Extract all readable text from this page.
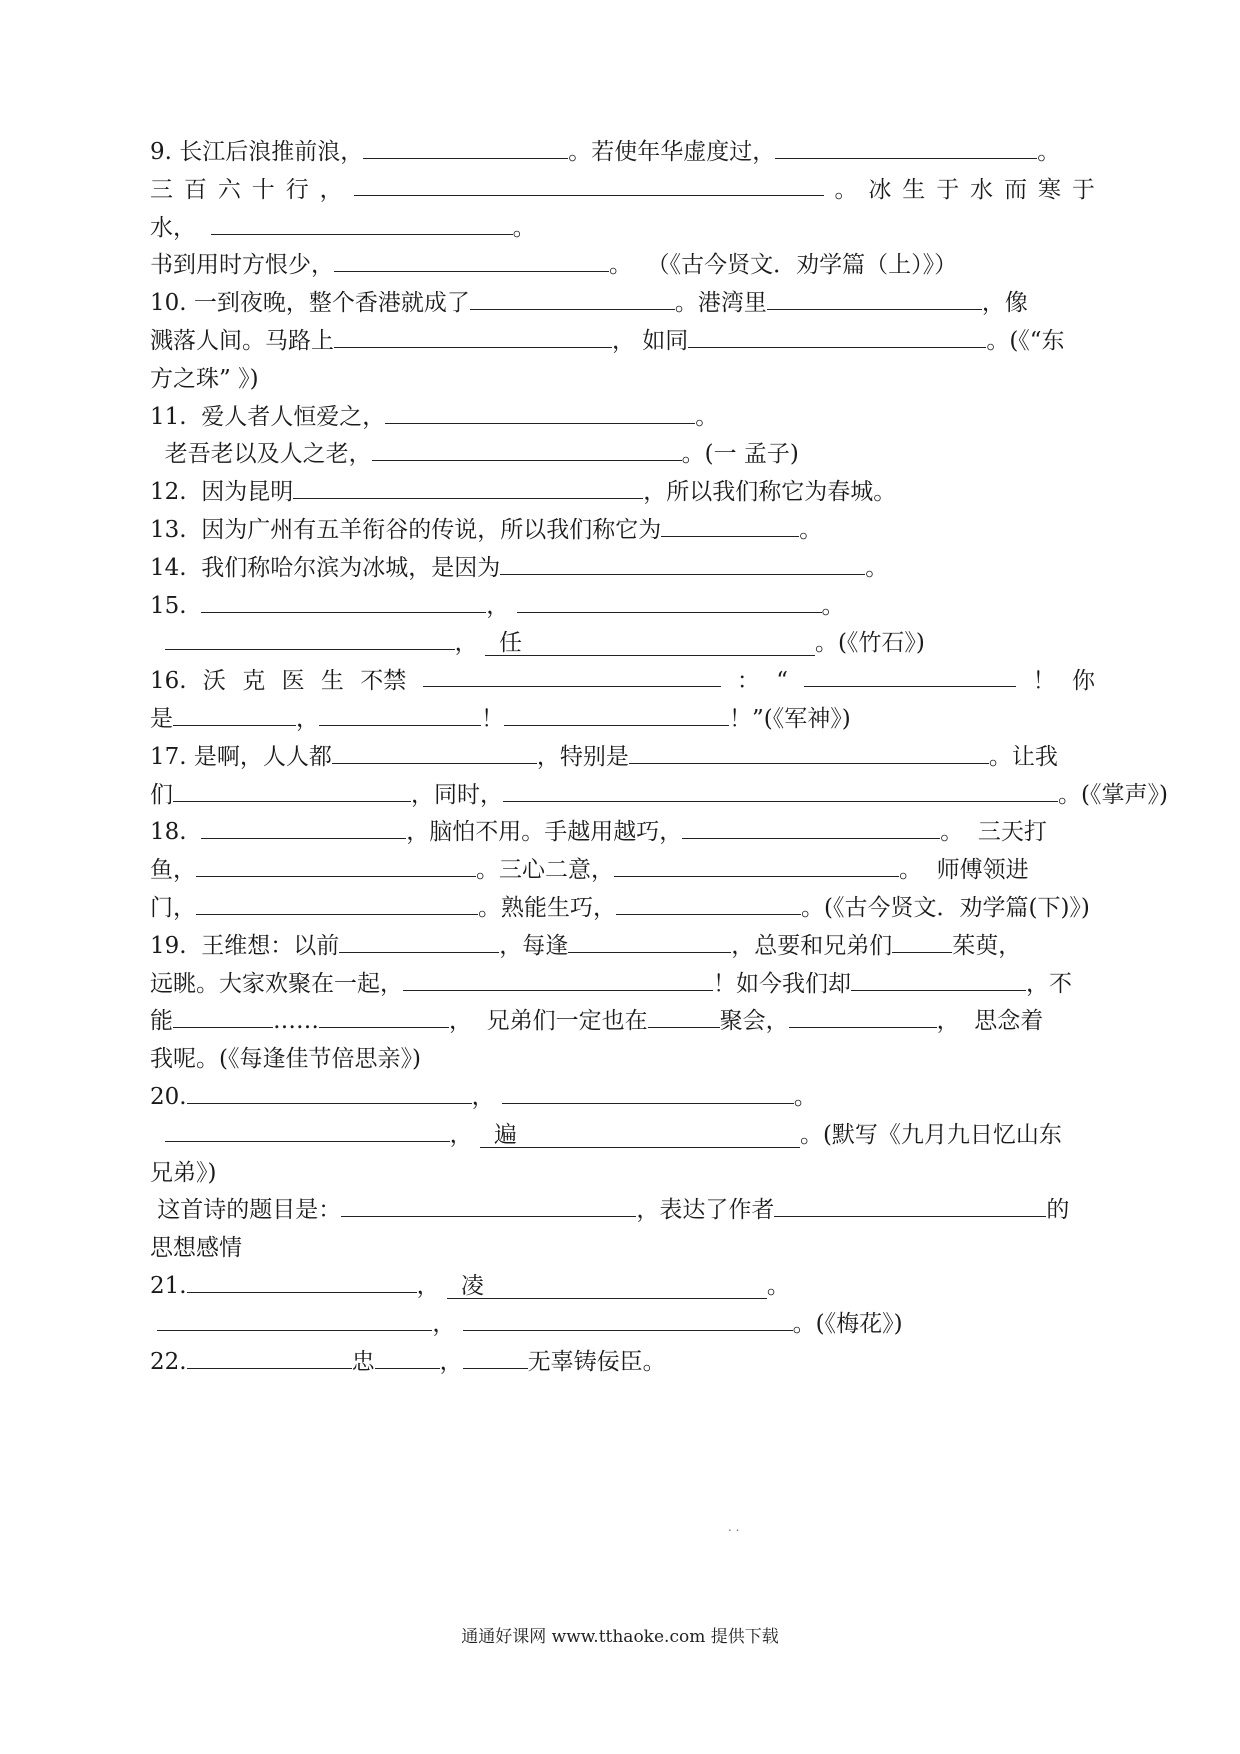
9. 长江后浪推前浪，	。若使年华虚度过，	。
三 百 六 十 行 ，	。 冰 生 于 水 而 寒 于
水，	。
书到用时方恨少，	。  （《古今贤文．劝学篇（上）》）
10. 一到夜晚，整个香港就成了	。港湾里	，像
溅落人间。马路上	， 如同	。(《“东
方之珠” 》)
11.  爱人者人恒爱之，	。
老吾老以及人之老，	。(一 孟子)
12.  因为昆明	，所以我们称它为春城。
13.  因为广州有五羊衔谷的传说，所以我们称它为	。
14.  我们称哈尔滨为冰城，是因为	。
15.	，	。
， 任	。(《竹石》)
16. 沃 克 医 生 不禁	： “	！ 你
是	，	！	！”(《军神》)
17. 是啊，人人都	，特别是	。让我
们	，同时，	。(《掌声》)
18.	，脑怕不用。手越用越巧，	。  三天打
鱼，	。三心二意，	。  师傅领进
门，	。熟能生巧，	。(《古今贤文．劝学篇(下)》)
19.  王维想：以前	，每逢	，总要和兄弟们	茱萸，
远眺。大家欢聚在一起，	！如今我们却	，不
能	……	，  兄弟们一定也在	聚会，	，  思念着
我呢。(《每逢佳节倍思亲》)
20.	，	。
， 遍	。(默写《九月九日忆山东
兄弟》)
这首诗的题目是：	，表达了作者	的
思想感情
21.	， 凌	。
，	。(《梅花》)
22.	忠	，	无辜铸佞臣。
. .
通通好课网 www.tthaoke.com 提供下载
